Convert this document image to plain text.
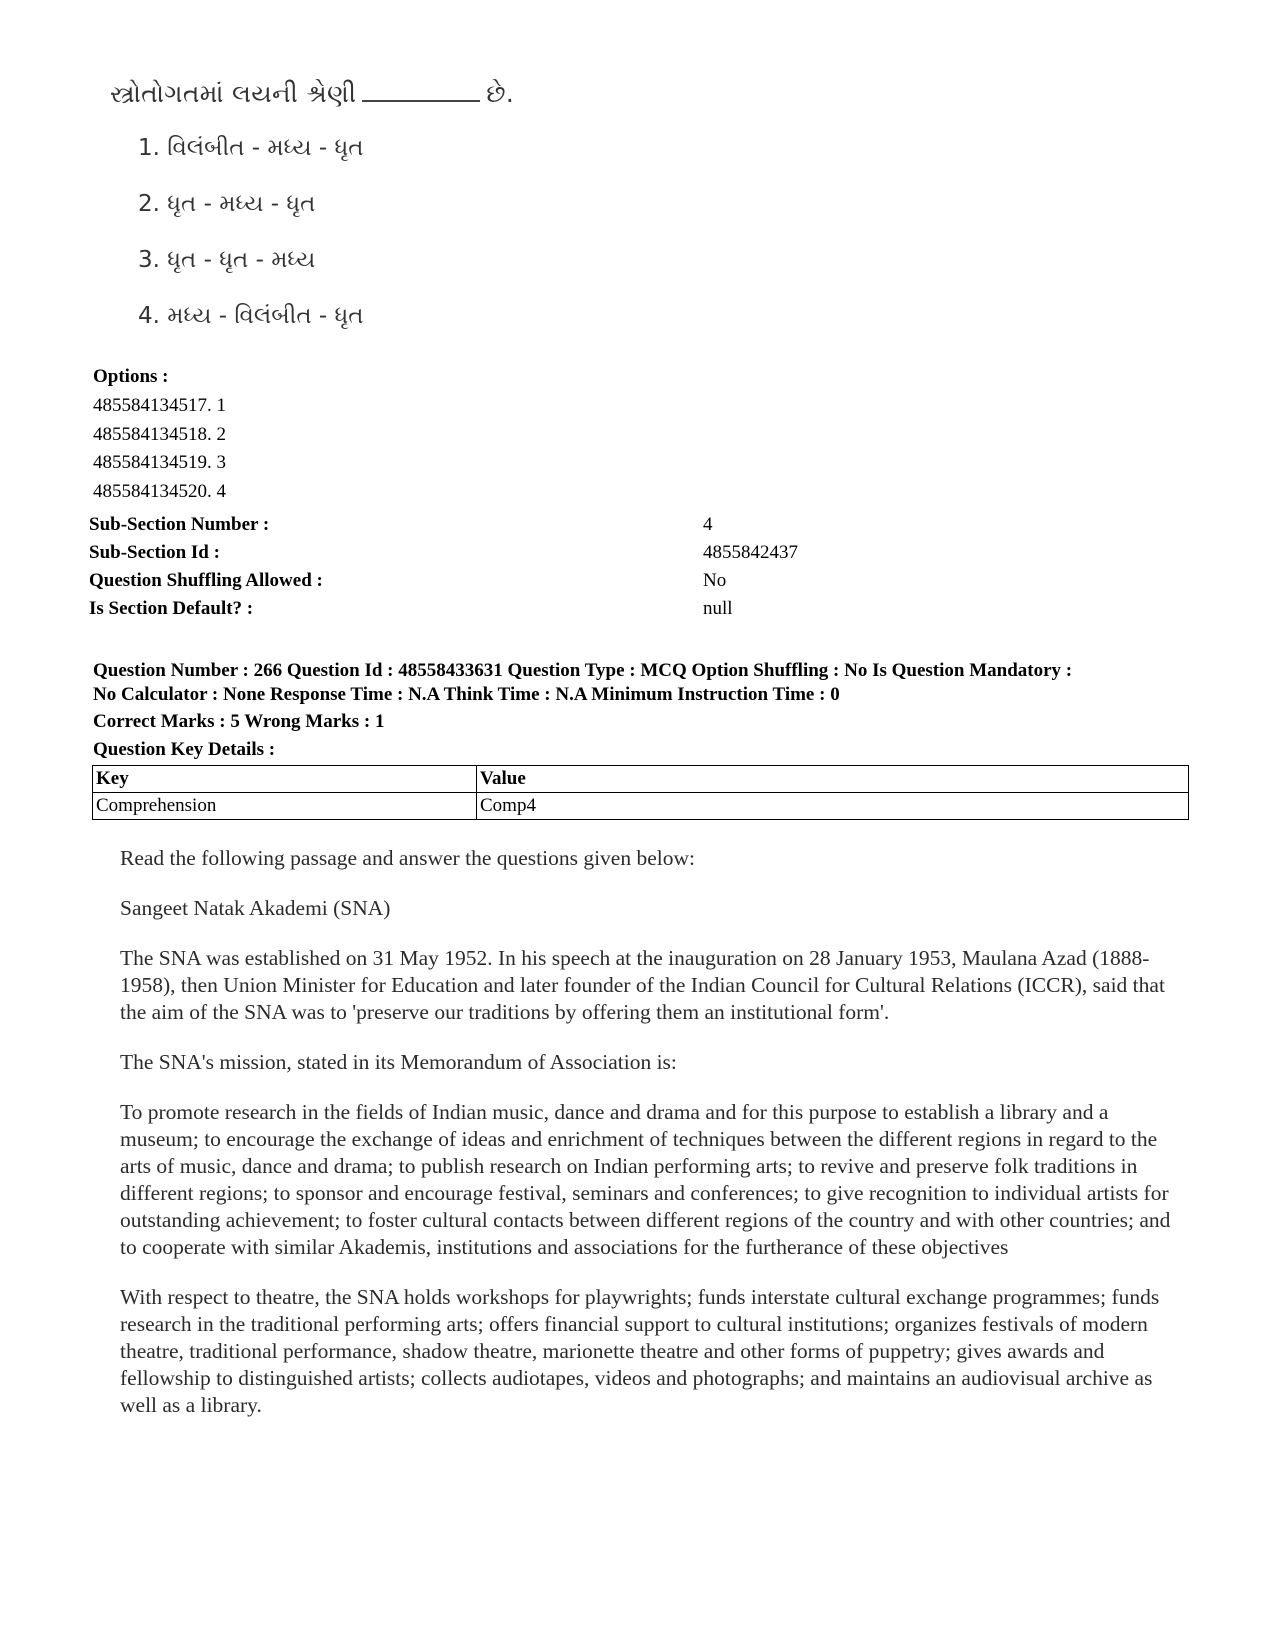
સ્ત્રોતોગતમાં લયની શ્રેણી	છે.
1. વિલંબીત - મધ્ય - ધૃત
2. ધૃત - મધ્ય - ધૃત
3. ધૃત - ધૃત - મધ્ય
4. મધ્ય - વિલંબીત - ધૃત
Options :
485584134517. 1
485584134518. 2
485584134519. 3
485584134520. 4
Sub-Section Number :	4
Sub-Section Id :	4855842437
Question Shuffling Allowed :	No
Is Section Default? :	null
Question Number : 266 Question Id : 48558433631 Question Type : MCQ Option Shuffling : No Is Question Mandatory :
No Calculator : None Response Time : N.A Think Time : N.A Minimum Instruction Time : 0
Correct Marks : 5 Wrong Marks : 1
Question Key Details :
Key	Value
Comprehension	Comp4

Read the following passage and answer the questions given below:

Sangeet Natak Akademi (SNA)

The SNA was established on 31 May 1952. In his speech at the inauguration on 28 January 1953, Maulana Azad (1888-1958), then Union Minister for Education and later founder of the Indian Council for Cultural Relations (ICCR), said that the aim of the SNA was to 'preserve our traditions by offering them an institutional form'.

The SNA's mission, stated in its Memorandum of Association is:

To promote research in the fields of Indian music, dance and drama and for this purpose to establish a library and a museum; to encourage the exchange of ideas and enrichment of techniques between the different regions in regard to the arts of music, dance and drama; to publish research on Indian performing arts; to revive and preserve folk traditions in different regions; to sponsor and encourage festival, seminars and conferences; to give recognition to individual artists for outstanding achievement; to foster cultural contacts between different regions of the country and with other countries; and to cooperate with similar Akademis, institutions and associations for the furtherance of these objectives

With respect to theatre, the SNA holds workshops for playwrights; funds interstate cultural exchange programmes; funds research in the traditional performing arts; offers financial support to cultural institutions; organizes festivals of modern theatre, traditional performance, shadow theatre, marionette theatre and other forms of puppetry; gives awards and fellowship to distinguished artists; collects audiotapes, videos and photographs; and maintains an audiovisual archive as well as a library.
